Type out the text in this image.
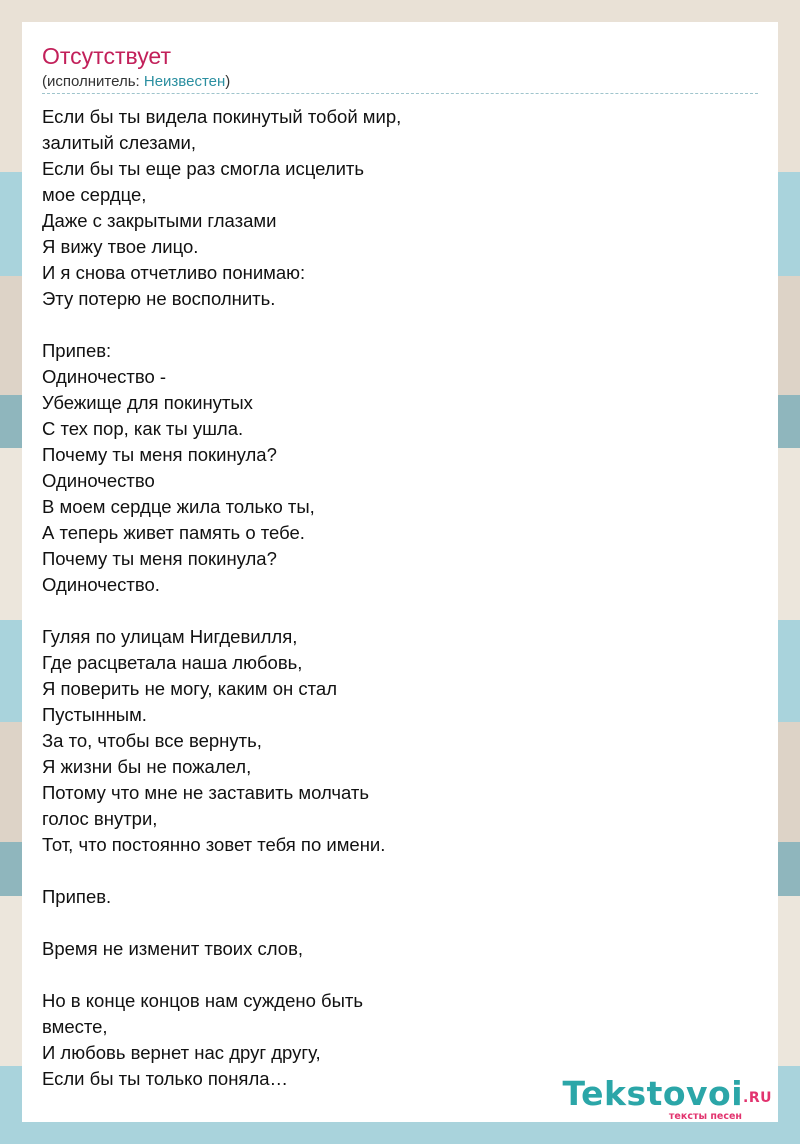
Отсутствует
(исполнитель: Неизвестен)
Если бы ты видела покинутый тобой мир,
залитый слезами,
Если бы ты еще раз смогла исцелить
мое сердце,
Даже с закрытыми глазами
Я вижу твое лицо.
И я снова отчетливо понимаю:
Эту потерю не восполнить.

Припев:
Одиночество -
Убежище для покинутых
С тех пор, как ты ушла.
Почему ты меня покинула?
Одиночество
В моем сердце жила только ты,
А теперь живет память о тебе.
Почему ты меня покинула?
Одиночество.

Гуляя по улицам Нигдевилля,
Где расцветала наша любовь,
Я поверить не могу, каким он стал
Пустынным.
За то, чтобы все вернуть,
Я жизни бы не пожалел,
Потому что мне не заставить молчать
голос внутри,
Тот, что постоянно зовет тебя по имени.

Припев.

Время не изменит твоих слов,

Но в конце концов нам суждено быть
вместе,
И любовь вернет нас друг другу,
Если бы ты только поняла…	Tekstovoi.RU
тексты песен
